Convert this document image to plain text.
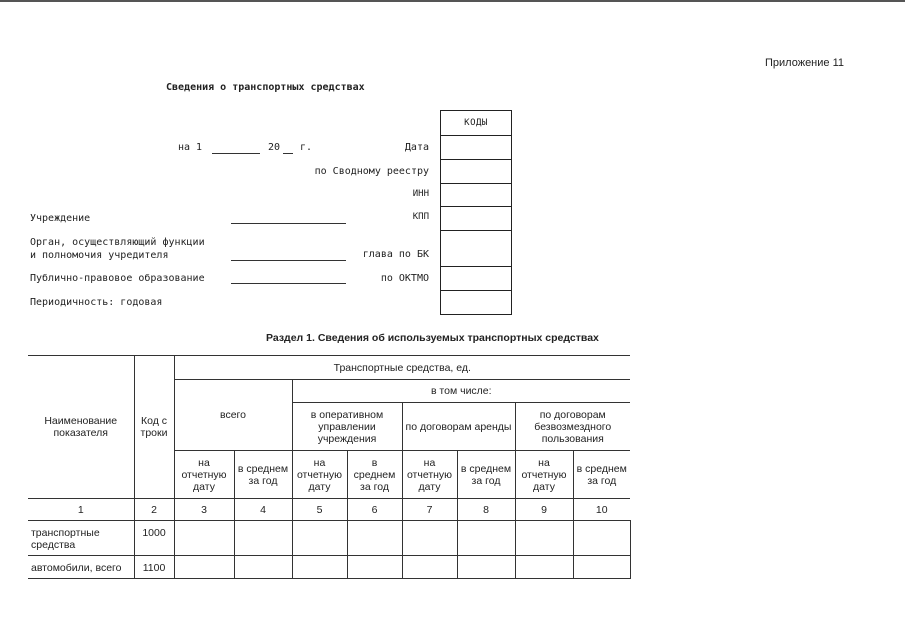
Приложение 11
Сведения о транспортных средствах
на 1	20 г.	Дата
по Сводному реестру
ИНН
КПП
глава по БК
по ОКТМО
Учреждение
Орган, осуществляющий функции
и полномочия учредителя
Публично-правовое образование
Периодичность: годовая
КОДЫ
Раздел 1. Сведения об используемых транспортных средствах
Наименование показателя	Код строки	Транспортные средства, ед.							
		всего		в том числе:					
				в оперативном управлении учреждения		по договорам аренды		по договорам безвозмездного пользования	
		на отчетную дату	в среднем за год	на отчетную дату	в среднем за год	на отчетную дату	в среднем за год	на отчетную дату	в среднем за год
1	2	3	4	5	6	7	8	9	10
транспортные средства	1000								
автомобили, всего	1100								
